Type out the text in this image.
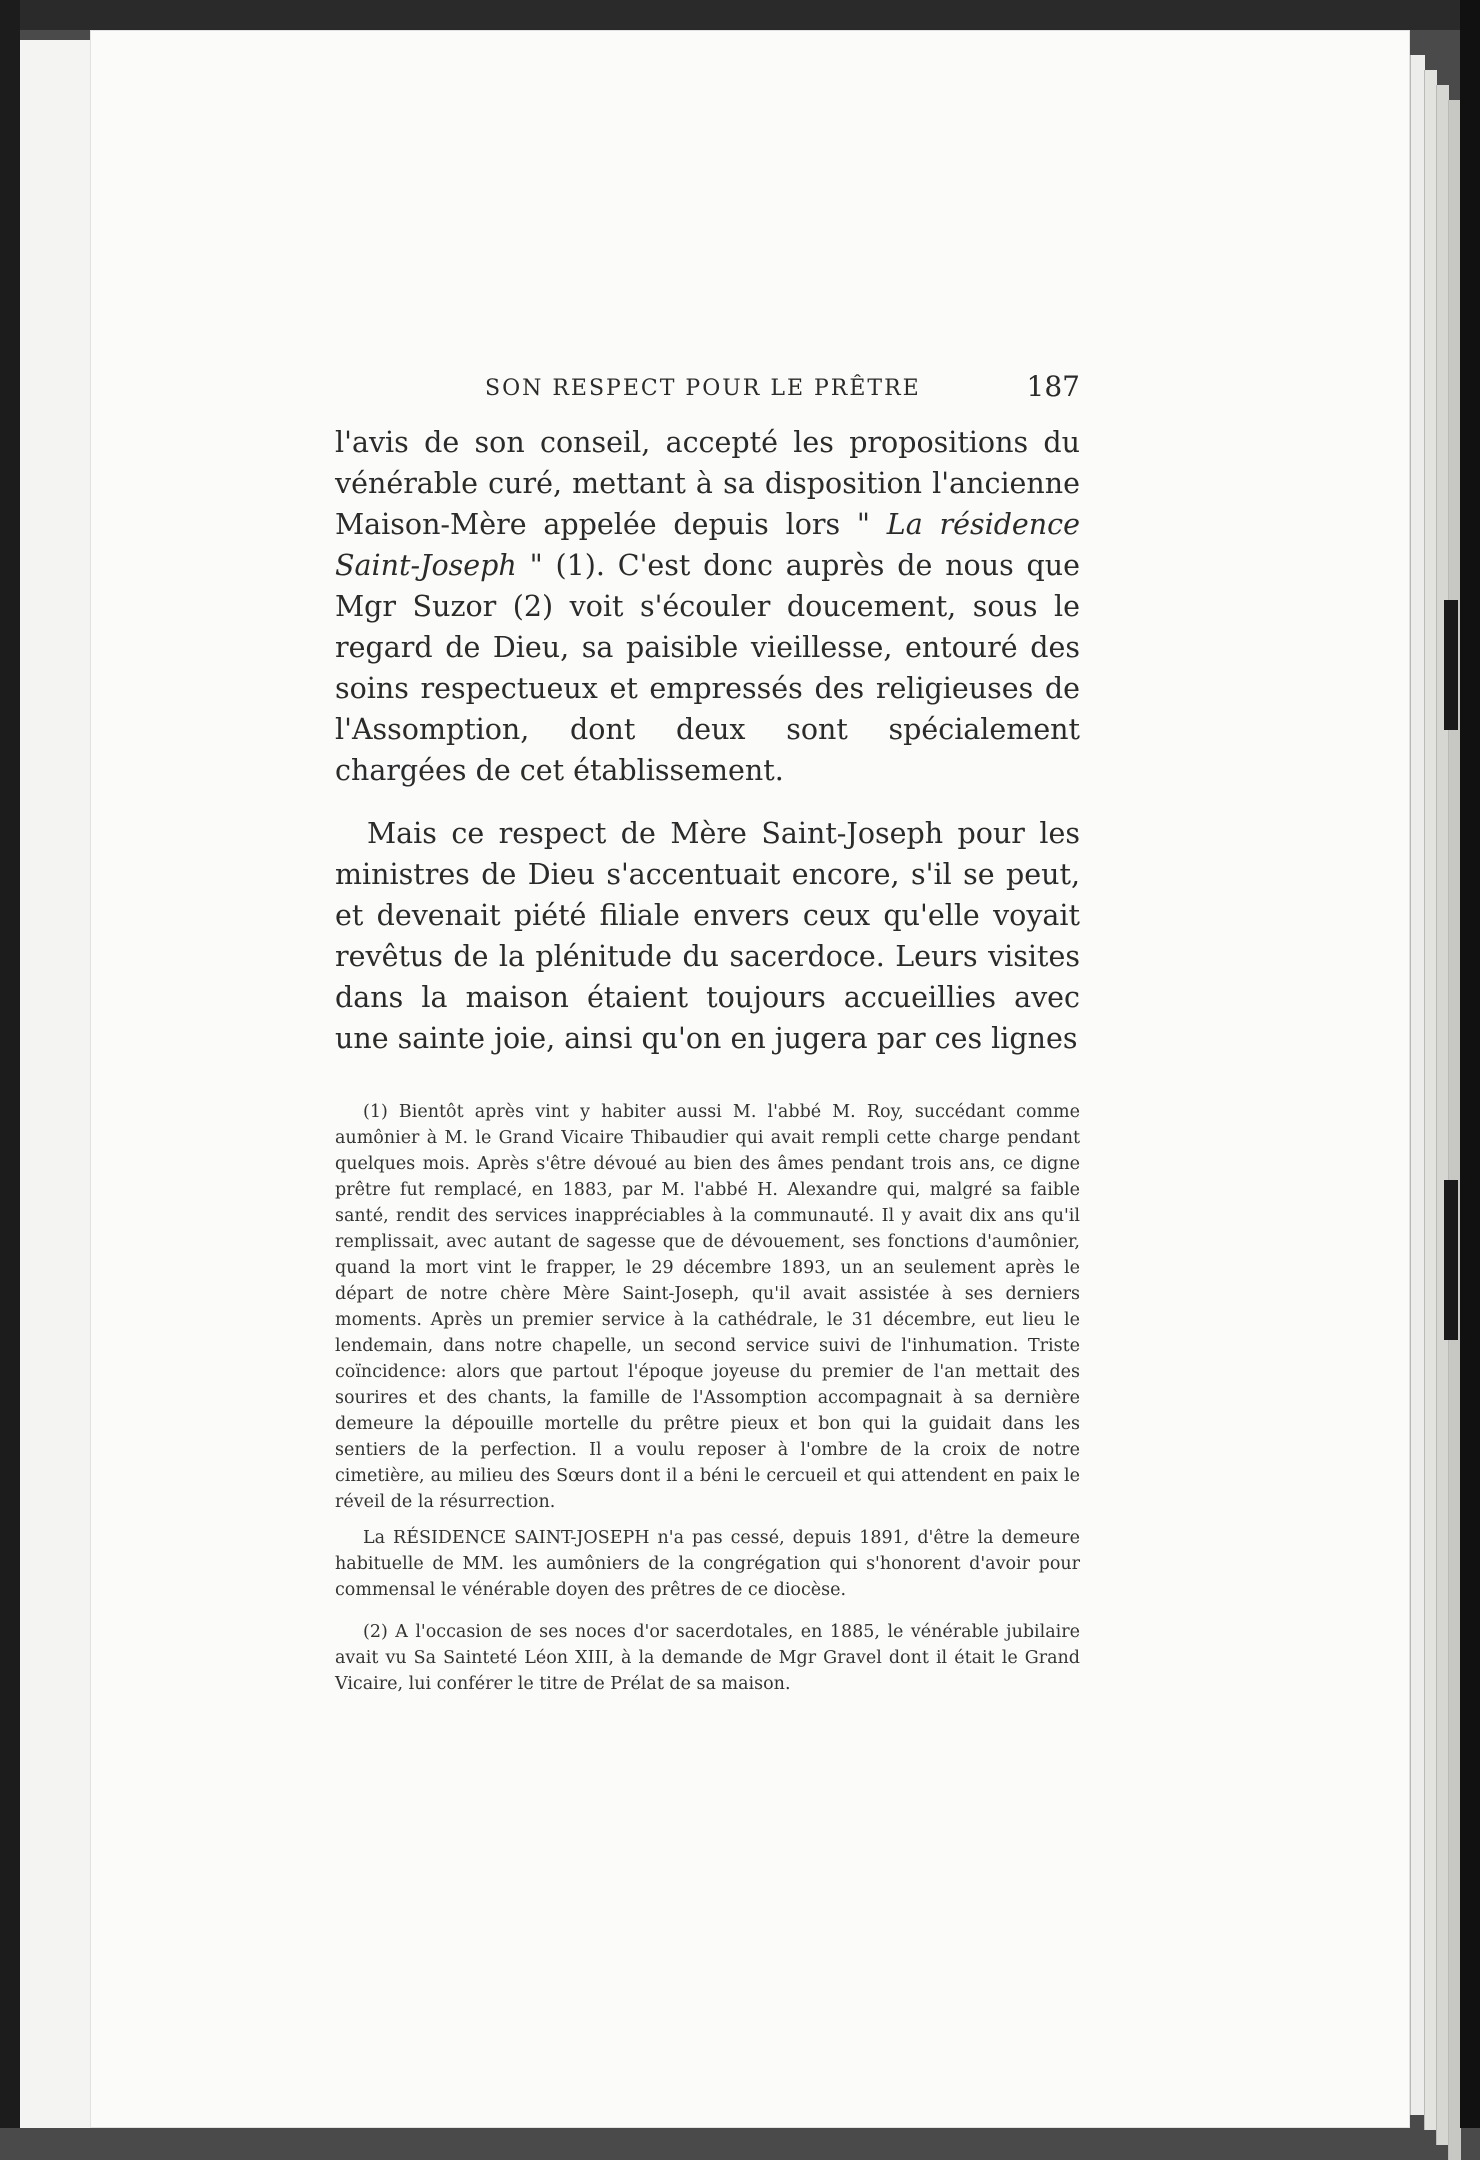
SON RESPECT POUR LE PRÊTRE	187

l'avis de son conseil, accepté les propositions du vénérable curé, mettant à sa disposition l'ancienne Maison-Mère appelée depuis lors " La résidence Saint-Joseph " (1). C'est donc auprès de nous que Mgr Suzor (2) voit s'écouler doucement, sous le regard de Dieu, sa paisible vieillesse, entouré des soins respectueux et empressés des religieuses de l'Assomption, dont deux sont spécialement chargées de cet établissement.

Mais ce respect de Mère Saint-Joseph pour les ministres de Dieu s'accentuait encore, s'il se peut, et devenait piété filiale envers ceux qu'elle voyait revêtus de la plénitude du sacerdoce. Leurs visites dans la maison étaient toujours accueillies avec une sainte joie, ainsi qu'on en jugera par ces lignes

(1) Bientôt après vint y habiter aussi M. l'abbé M. Roy, succédant comme aumônier à M. le Grand Vicaire Thibaudier qui avait rempli cette charge pendant quelques mois. Après s'être dévoué au bien des âmes pendant trois ans, ce digne prêtre fut remplacé, en 1883, par M. l'abbé H. Alexandre qui, malgré sa faible santé, rendit des services inappréciables à la communauté. Il y avait dix ans qu'il remplissait, avec autant de sagesse que de dévouement, ses fonctions d'aumônier, quand la mort vint le frapper, le 29 décembre 1893, un an seulement après le départ de notre chère Mère Saint-Joseph, qu'il avait assistée à ses derniers moments. Après un premier service à la cathédrale, le 31 décembre, eut lieu le lendemain, dans notre chapelle, un second service suivi de l'inhumation. Triste coïncidence: alors que partout l'époque joyeuse du premier de l'an mettait des sourires et des chants, la famille de l'Assomption accompagnait à sa dernière demeure la dépouille mortelle du prêtre pieux et bon qui la guidait dans les sentiers de la perfection. Il a voulu reposer à l'ombre de la croix de notre cimetière, au milieu des Sœurs dont il a béni le cercueil et qui attendent en paix le réveil de la résurrection.

La RÉSIDENCE SAINT-JOSEPH n'a pas cessé, depuis 1891, d'être la demeure habituelle de MM. les aumôniers de la congrégation qui s'honorent d'avoir pour commensal le vénérable doyen des prêtres de ce diocèse.

(2) A l'occasion de ses noces d'or sacerdotales, en 1885, le vénérable jubilaire avait vu Sa Sainteté Léon XIII, à la demande de Mgr Gravel dont il était le Grand Vicaire, lui conférer le titre de Prélat de sa maison.
